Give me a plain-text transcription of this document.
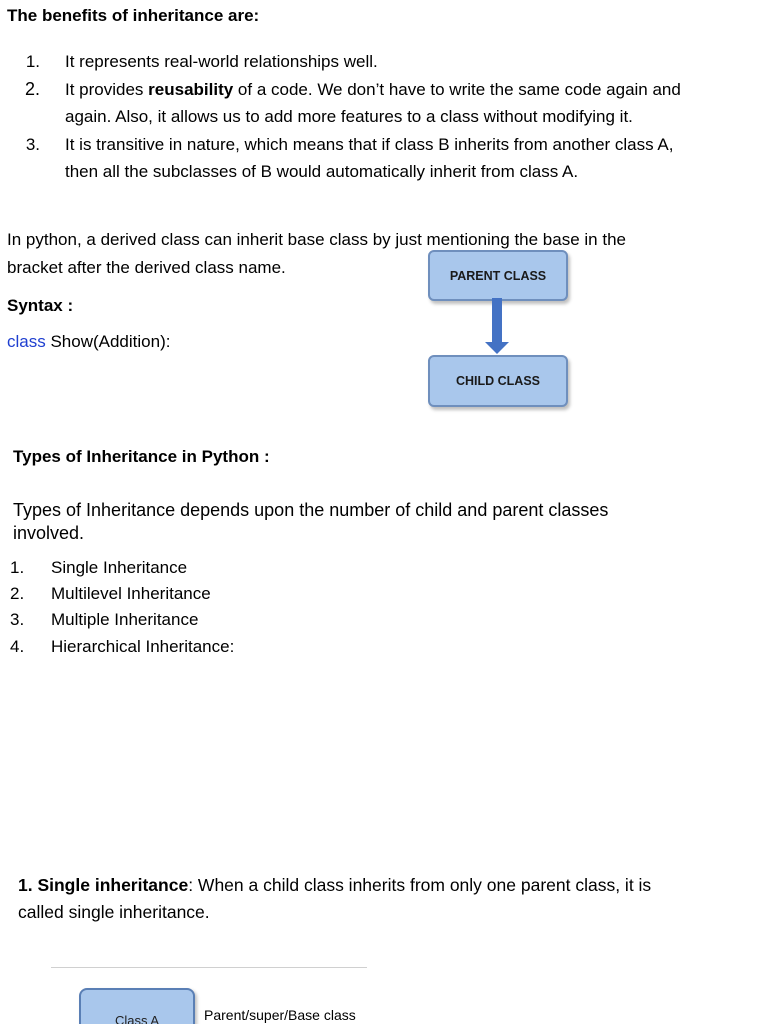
The benefits of inheritance are:
1. It represents real-world relationships well.
2. It provides reusability of a code. We don’t have to write the same code again and
again. Also, it allows us to add more features to a class without modifying it.
3. It is transitive in nature, which means that if class B inherits from another class A,
then all the subclasses of B would automatically inherit from class A.
In python, a derived class can inherit base class by just mentioning the base in the
bracket after the derived class name.
Syntax :
class Show(Addition):
PARENT CLASS
CHILD CLASS
Types of Inheritance in Python :
Types of Inheritance depends upon the number of child and parent classes
involved.
1. Single Inheritance
2. Multilevel Inheritance
3. Multiple Inheritance
4. Hierarchical Inheritance:
1. Single inheritance: When a child class inherits from only one parent class, it is
called single inheritance.
Class A	Parent/super/Base class
